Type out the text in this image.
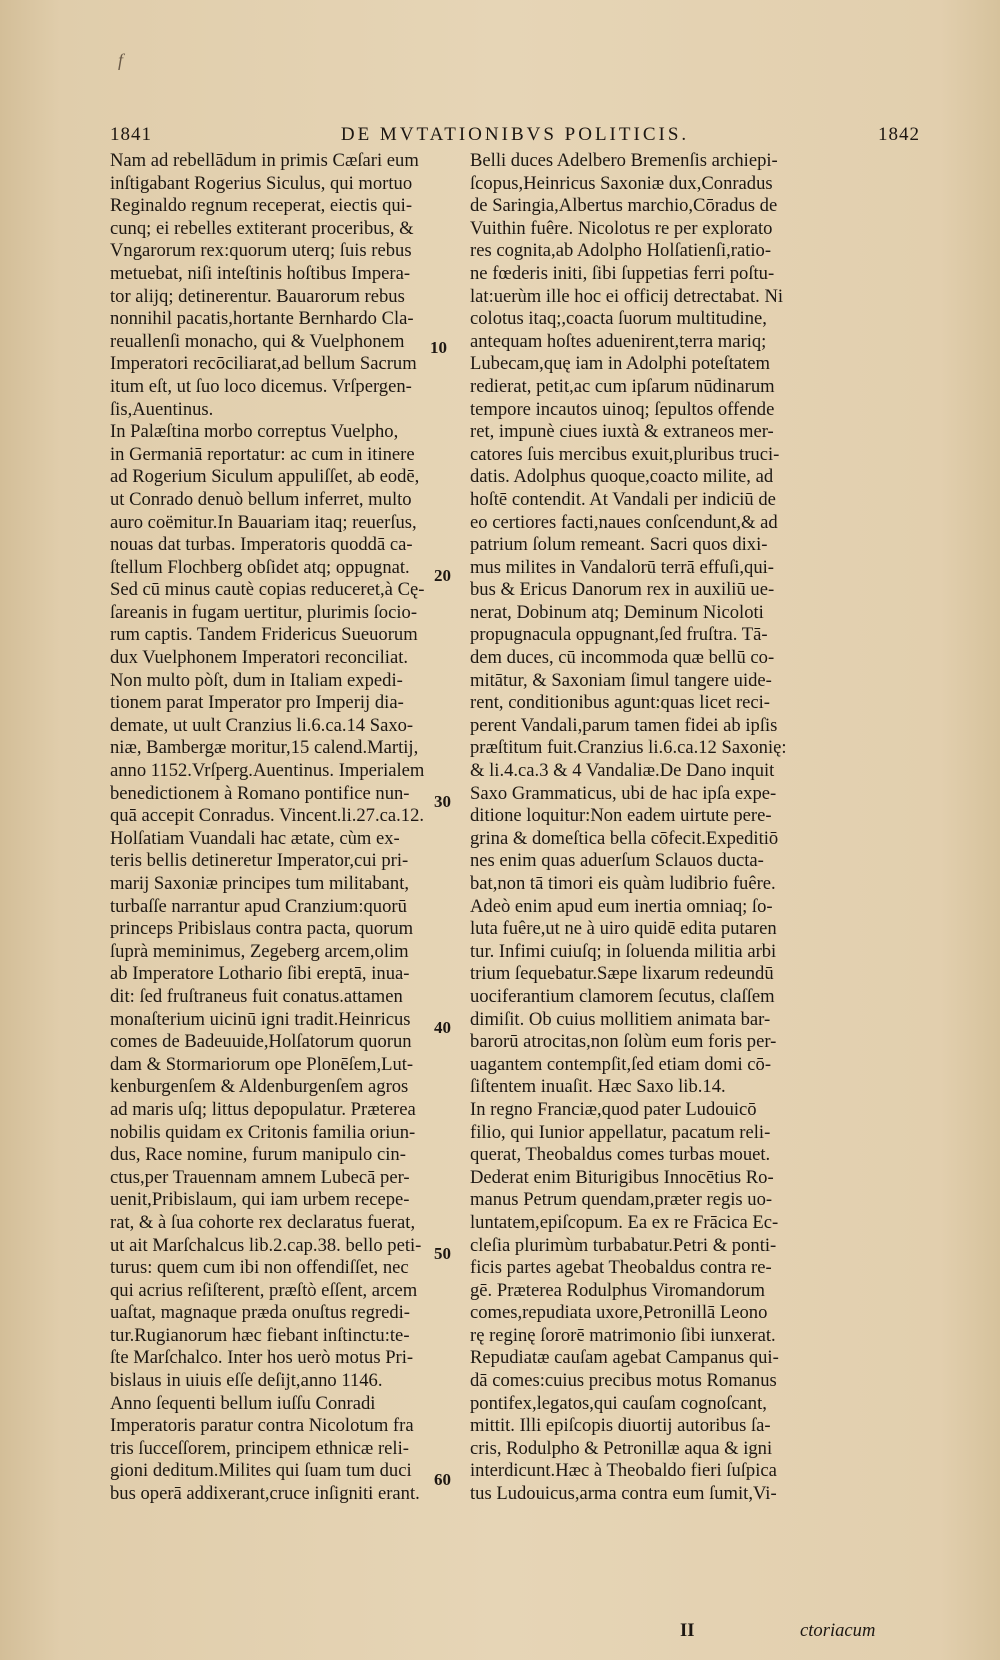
f
1841	DE MVTATIONIBVS POLITICIS.	1842
Nam ad rebellādum in primis Cæſari eum
inſtigabant Rogerius Siculus, qui mortuo
Reginaldo regnum receperat, eiectis qui-
cunq; ei rebelles extiterant proceribus, &
Vngarorum rex:quorum uterq; ſuis rebus
metuebat, niſi inteſtinis hoſtibus Impera-
tor alijq; detinerentur. Bauarorum rebus
nonnihil pacatis,hortante Bernhardo Cla-
reuallenſi monacho, qui & Vuelphonem
Imperatori recōciliarat,ad bellum Sacrum
itum eſt, ut ſuo loco dicemus. Vrſpergen-
ſis,Auentinus.
In Palæſtina morbo correptus Vuelpho,
in Germaniā reportatur: ac cum in itinere
ad Rogerium Siculum appuliſſet, ab eodē,
ut Conrado denuò bellum inferret, multo
auro coëmitur.In Bauariam itaq; reuerſus,
nouas dat turbas. Imperatoris quoddā ca-
ſtellum Flochberg obſidet atq; oppugnat.
Sed cū minus cautè copias reduceret,à Cę-
ſareanis in fugam uertitur, plurimis ſocio-
rum captis. Tandem Fridericus Sueuorum
dux Vuelphonem Imperatori reconciliat.
Non multo pòſt, dum in Italiam expedi-
tionem parat Imperator pro Imperij dia-
demate, ut uult Cranzius li.6.ca.14 Saxo-
niæ, Bambergæ moritur,15 calend.Martij,
anno 1152.Vrſperg.Auentinus. Imperialem
benedictionem à Romano pontifice nun-
quā accepit Conradus. Vincent.li.27.ca.12.
Holſatiam Vuandali hac ætate, cùm ex-
teris bellis detineretur Imperator,cui pri-
marij Saxoniæ principes tum militabant,
turbaſſe narrantur apud Cranzium:quorū
princeps Pribislaus contra pacta, quorum
ſuprà meminimus, Zegeberg arcem,olim
ab Imperatore Lothario ſibi ereptā, inua-
dit: ſed fruſtraneus fuit conatus.attamen
monaſterium uicinū igni tradit.Heinricus
comes de Badeuuide,Holſatorum quorun
dam & Stormariorum ope Plonēſem,Lut-
kenburgenſem & Aldenburgenſem agros
ad maris uſq; littus depopulatur. Præterea
nobilis quidam ex Critonis familia oriun-
dus, Race nomine, furum manipulo cin-
ctus,per Trauennam amnem Lubecā per-
uenit,Pribislaum, qui iam urbem recepe-
rat, & à ſua cohorte rex declaratus fuerat,
ut ait Marſchalcus lib.2.cap.38. bello peti-
turus: quem cum ibi non offendiſſet, nec
qui acrius reſiſterent, præſtò eſſent, arcem
uaſtat, magnaque præda onuſtus regredi-
tur.Rugianorum hæc fiebant inſtinctu:te-
ſte Marſchalco. Inter hos uerò motus Pri-
bislaus in uiuis eſſe deſijt,anno 1146.
Anno ſequenti bellum iuſſu Conradi
Imperatoris paratur contra Nicolotum fra
tris ſucceſſorem, principem ethnicæ reli-
gioni deditum.Milites qui ſuam tum duci
bus operā addixerant,cruce inſigniti erant.
10
20
30
40
50
60
Belli duces Adelbero Bremenſis archiepi-
ſcopus,Heinricus Saxoniæ dux,Conradus
de Saringia,Albertus marchio,Cōradus de
Vuithin fuêre. Nicolotus re per explorato
res cognita,ab Adolpho Holſatienſi,ratio-
ne fœderis initi, ſibi ſuppetias ferri poſtu-
lat:uerùm ille hoc ei officij detrectabat. Ni
colotus itaq;,coacta ſuorum multitudine,
antequam hoſtes aduenirent,terra mariq;
Lubecam,quę iam in Adolphi poteſtatem
redierat, petit,ac cum ipſarum nūdinarum
tempore incautos uinoq; ſepultos offende
ret, impunè ciues iuxtà & extraneos mer-
catores ſuis mercibus exuit,pluribus truci-
datis. Adolphus quoque,coacto milite, ad
hoſtē contendit. At Vandali per indiciū de
eo certiores facti,naues conſcendunt,& ad
patrium ſolum remeant. Sacri quos dixi-
mus milites in Vandalorū terrā effuſi,qui-
bus & Ericus Danorum rex in auxiliū ue-
nerat, Dobinum atq; Deminum Nicoloti
propugnacula oppugnant,ſed fruſtra. Tā-
dem duces, cū incommoda quæ bellū co-
mitātur, & Saxoniam ſimul tangere uide-
rent, conditionibus agunt:quas licet reci-
perent Vandali,parum tamen fidei ab ipſis
præſtitum fuit.Cranzius li.6.ca.12 Saxonię:
& li.4.ca.3 & 4 Vandaliæ.De Dano inquit
Saxo Grammaticus, ubi de hac ipſa expe-
ditione loquitur:Non eadem uirtute pere-
grina & domeſtica bella cōfecit.Expeditiō
nes enim quas aduerſum Sclauos ducta-
bat,non tā timori eis quàm ludibrio fuêre.
Adeò enim apud eum inertia omniaq; ſo-
luta fuêre,ut ne à uiro quidē edita putaren
tur. Infimi cuiuſq; in ſoluenda militia arbi
trium ſequebatur.Sæpe lixarum redeundū
uociferantium clamorem ſecutus, claſſem
dimiſit. Ob cuius mollitiem animata bar-
barorū atrocitas,non ſolùm eum foris per-
uagantem contempſit,ſed etiam domi cō-
ſiſtentem inuaſit. Hæc Saxo lib.14.
In regno Franciæ,quod pater Ludouicō
filio, qui Iunior appellatur, pacatum reli-
querat, Theobaldus comes turbas mouet.
Dederat enim Biturigibus Innocētius Ro-
manus Petrum quendam,præter regis uo-
luntatem,epiſcopum. Ea ex re Frācica Ec-
cleſia plurimùm turbabatur.Petri & ponti-
ficis partes agebat Theobaldus contra re-
gē. Præterea Rodulphus Viromandorum
comes,repudiata uxore,Petronillā Leono
rę reginę ſororē matrimonio ſibi iunxerat.
Repudiatæ cauſam agebat Campanus qui-
dā comes:cuius precibus motus Romanus
pontifex,legatos,qui cauſam cognoſcant,
mittit. Illi epiſcopis diuortij autoribus ſa-
cris, Rodulpho & Petronillæ aqua & igni
interdicunt.Hæc à Theobaldo fieri ſuſpica
tus Ludouicus,arma contra eum ſumit,Vi-
II	ctoriacum
